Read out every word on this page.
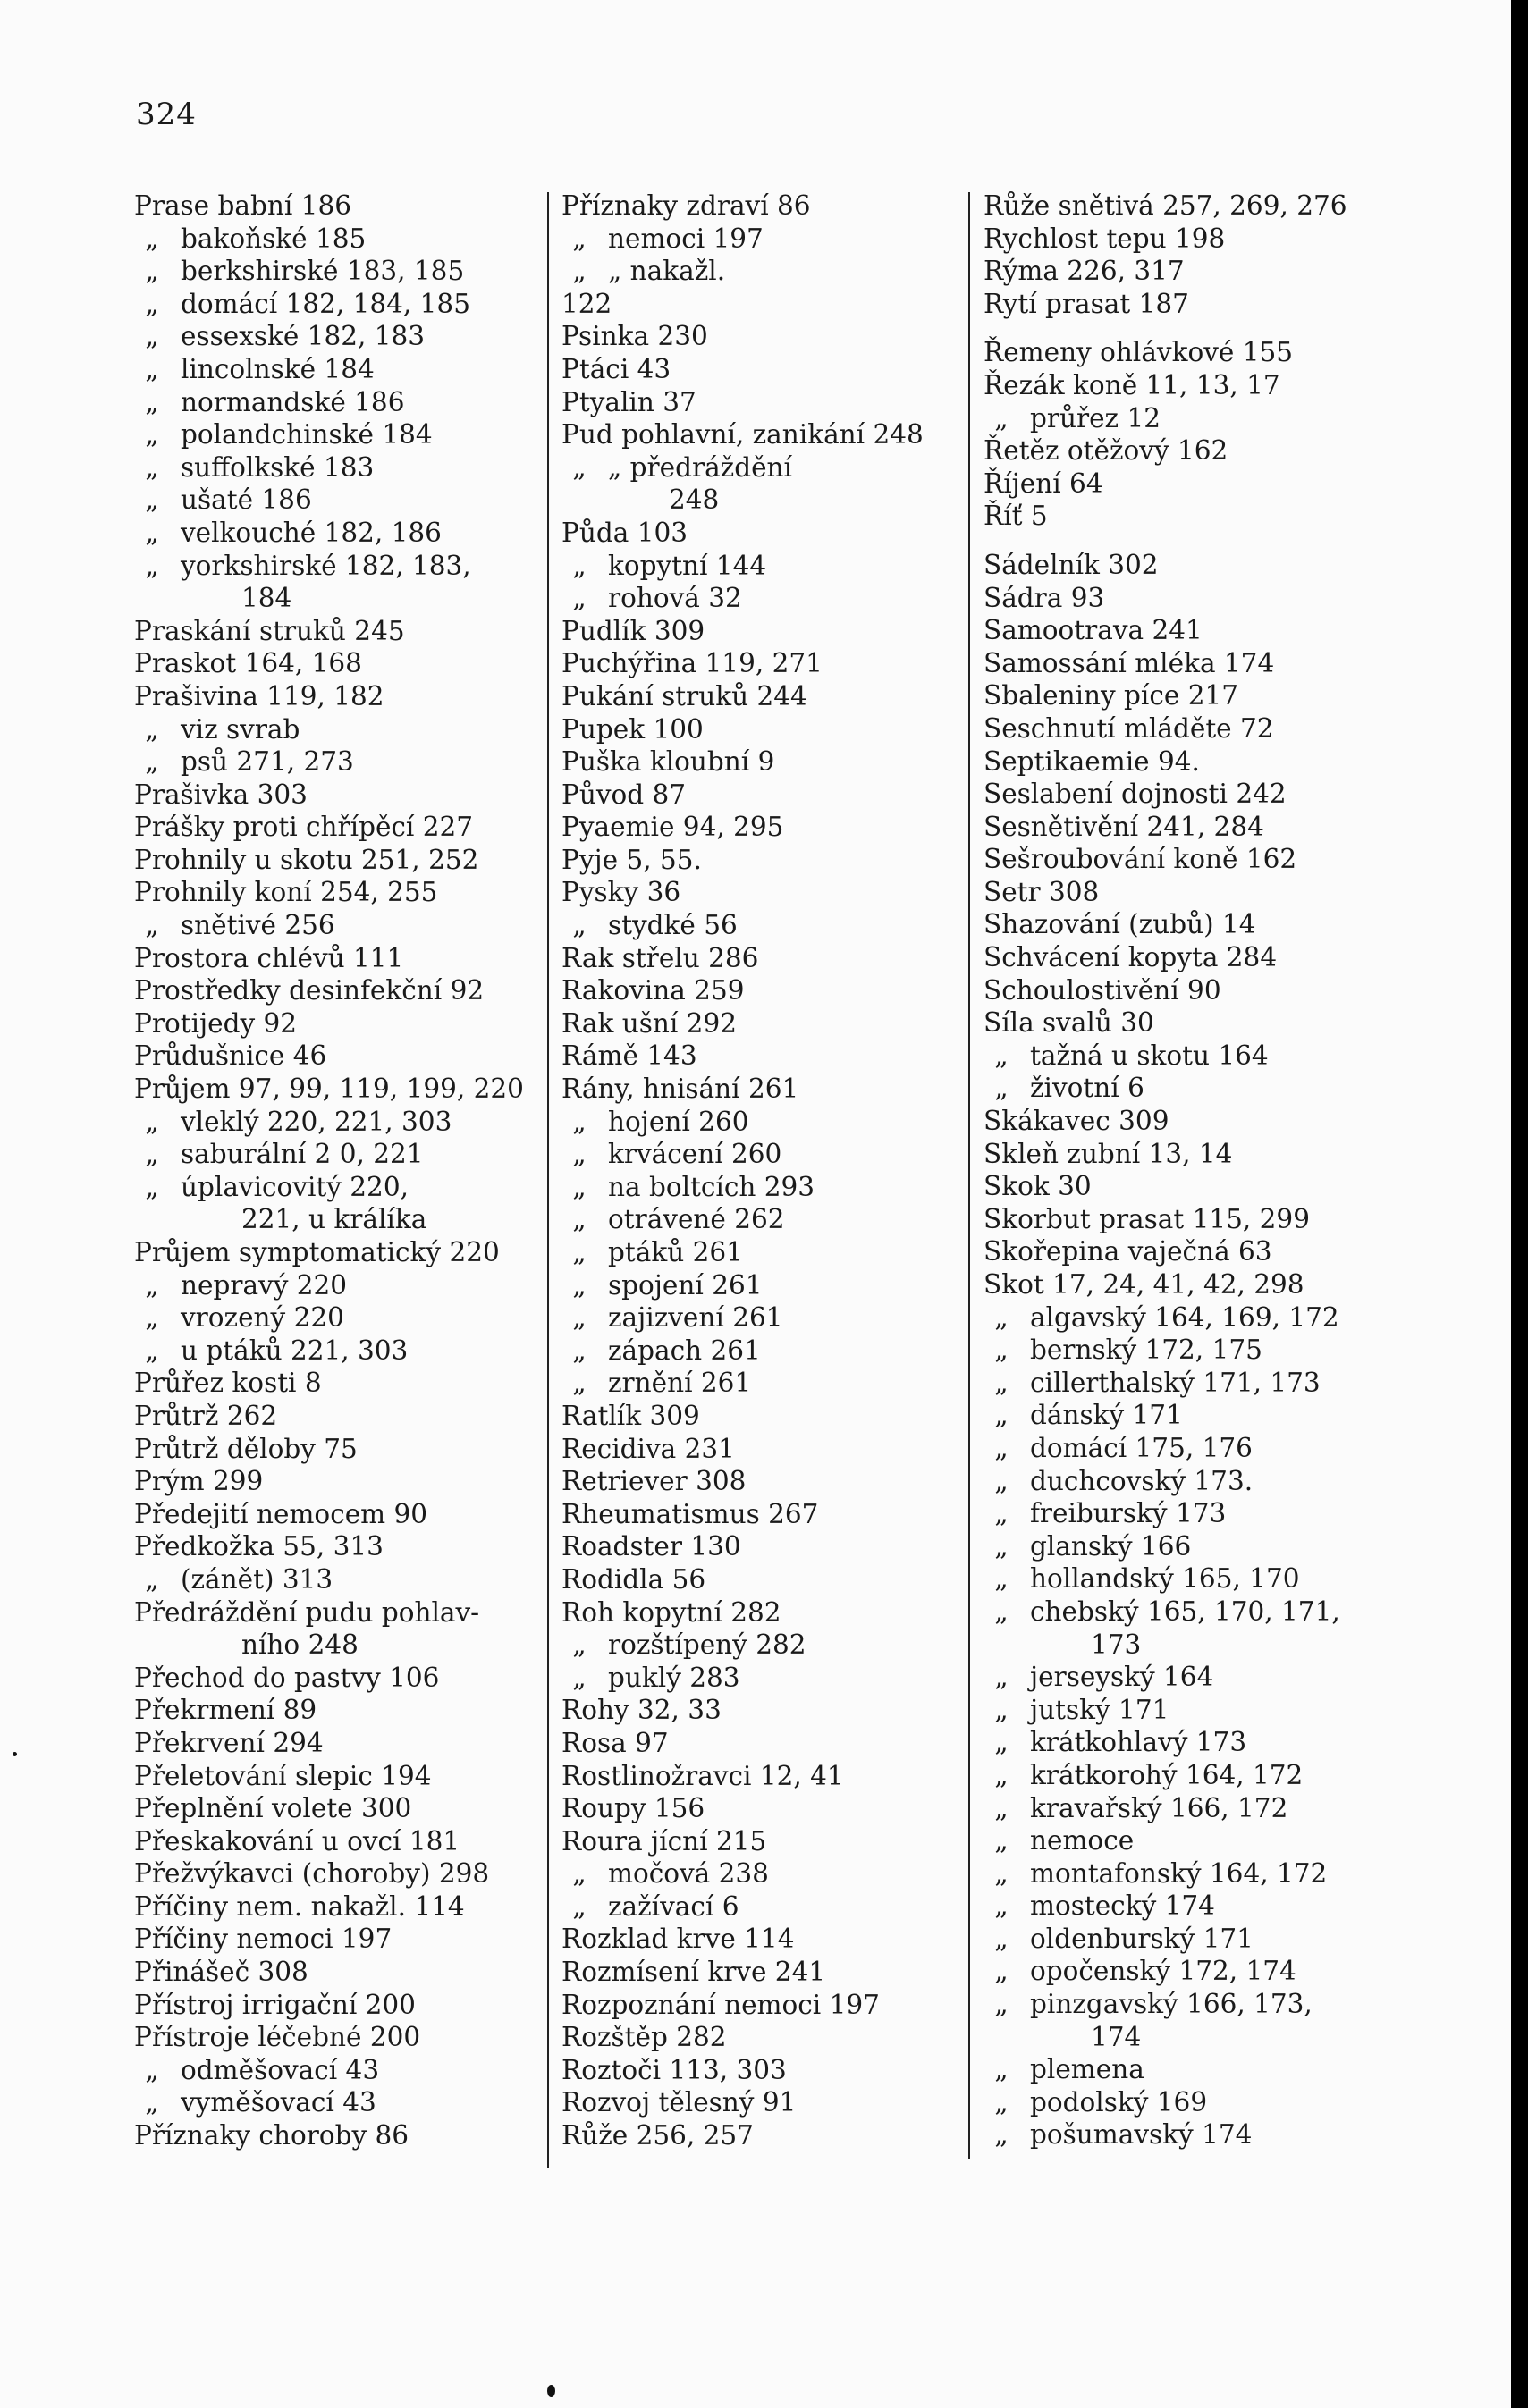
324
Prase babní 186
„ bakoňské 185
„ berkshirské 183, 185
„ domácí 182, 184, 185
„ essexské 182, 183
„ lincolnské 184
„ normandské 186
„ polandchinské 184
„ suffolkské 183
„ ušaté 186
„ velkouché 182, 186
„ yorkshirské 182, 183,
184
Praskání struků 245
Praskot 164, 168
Prašivina 119, 182
„ viz svrab
„ psů 271, 273
Prašivka 303
Prášky proti chřípěcí 227
Prohnily u skotu 251, 252
Prohnily koní 254, 255
„ snětivé 256
Prostora chlévů 111
Prostředky desinfekční 92
Protijedy 92
Průdušnice 46
Průjem 97, 99, 119, 199, 220
„ vleklý 220, 221, 303
„ saburální 2 0, 221
„ úplavicovitý 220,
221, u králíka
Průjem symptomatický 220
„ nepravý 220
„ vrozený 220
„ u ptáků 221, 303
Průřez kosti 8
Průtrž 262
Průtrž děloby 75
Prým 299
Předejití nemocem 90
Předkožka 55, 313
„ (zánět) 313
Předráždění pudu pohlav-
ního 248
Přechod do pastvy 106
Překrmení 89
Překrvení 294
Přeletování slepic 194
Přeplnění volete 300
Přeskakování u ovcí 181
Přežvýkavci (choroby) 298
Příčiny nem. nakažl. 114
Příčiny nemoci 197
Přinášeč 308
Přístroj irrigační 200
Přístroje léčebné 200
„ odměšovací 43
„ vyměšovací 43
Příznaky choroby 86
Příznaky zdraví 86
„ nemoci 197
„ „ nakažl.
122
Psinka 230
Ptáci 43
Ptyalin 37
Pud pohlavní, zanikání 248
„ „ předráždění
248
Půda 103
„ kopytní 144
„ rohová 32
Pudlík 309
Puchýřina 119, 271
Pukání struků 244
Pupek 100
Puška kloubní 9
Původ 87
Pyaemie 94, 295
Pyje 5, 55.
Pysky 36
„ stydké 56
Rak střelu 286
Rakovina 259
Rak ušní 292
Rámě 143
Rány, hnisání 261
„ hojení 260
„ krvácení 260
„ na boltcích 293
„ otrávené 262
„ ptáků 261
„ spojení 261
„ zajizvení 261
„ zápach 261
„ zrnění 261
Ratlík 309
Recidiva 231
Retriever 308
Rheumatismus 267
Roadster 130
Rodidla 56
Roh kopytní 282
„ rozštípený 282
„ puklý 283
Rohy 32, 33
Rosa 97
Rostlinožravci 12, 41
Roupy 156
Roura jícní 215
„ močová 238
„ zažívací 6
Rozklad krve 114
Rozmísení krve 241
Rozpoznání nemoci 197
Rozštěp 282
Roztoči 113, 303
Rozvoj tělesný 91
Růže 256, 257
Růže snětivá 257, 269, 276
Rychlost tepu 198
Rýma 226, 317
Rytí prasat 187
Řemeny ohlávkové 155
Řezák koně 11, 13, 17
„ průřez 12
Řetěz otěžový 162
Říjení 64
Říť 5
Sádelník 302
Sádra 93
Samootrava 241
Samossání mléka 174
Sbaleniny píce 217
Seschnutí mláděte 72
Septikaemie 94.
Seslabení dojnosti 242
Sesnětivění 241, 284
Sešroubování koně 162
Setr 308
Shazování (zubů) 14
Schvácení kopyta 284
Schoulostivění 90
Síla svalů 30
„ tažná u skotu 164
„ životní 6
Skákavec 309
Skleň zubní 13, 14
Skok 30
Skorbut prasat 115, 299
Skořepina vaječná 63
Skot 17, 24, 41, 42, 298
„ algavský 164, 169, 172
„ bernský 172, 175
„ cillerthalský 171, 173
„ dánský 171
„ domácí 175, 176
„ duchcovský 173.
„ freiburský 173
„ glanský 166
„ hollandský 165, 170
„ chebský 165, 170, 171,
173
„ jerseyský 164
„ jutský 171
„ krátkohlavý 173
„ krátkorohý 164, 172
„ kravařský 166, 172
„ nemoce
„ montafonský 164, 172
„ mostecký 174
„ oldenburský 171
„ opočenský 172, 174
„ pinzgavský 166, 173,
174
„ plemena
„ podolský 169
„ pošumavský 174
